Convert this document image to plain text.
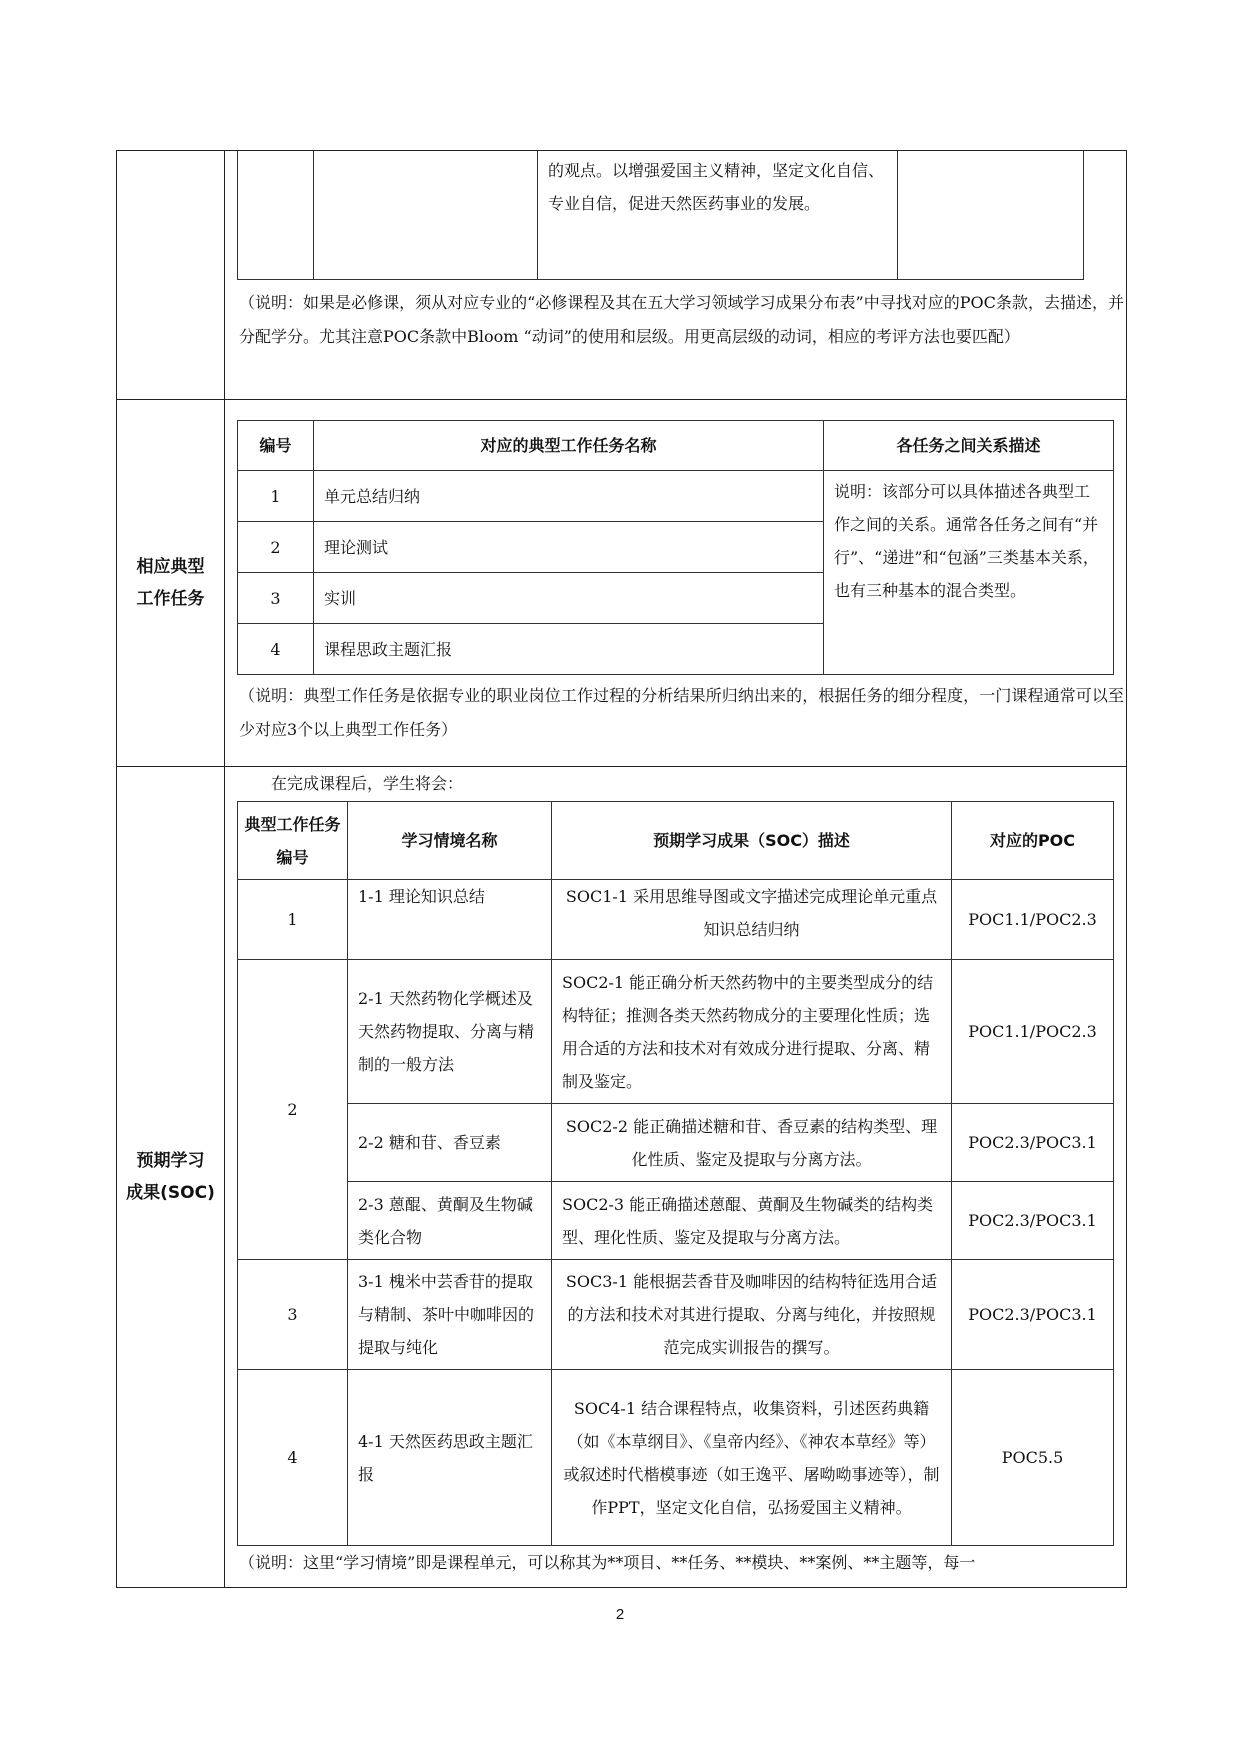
		的观点。以增强爱国主义精神，坚定文化自信、专业自信，促进天然医药事业的发展。	
（说明：如果是必修课，须从对应专业的“必修课程及其在五大学习领域学习成果分布表”中寻找对应的POC条款，去描述，并分配学分。尤其注意POC条款中Bloom “动词”的使用和层级。用更高层级的动词，相应的考评方法也要匹配）

相应典型
工作任务

编号	对应的典型工作任务名称	各任务之间关系描述
1	单元总结归纳	说明：该部分可以具体描述各典型工作之间的关系。通常各任务之间有“并行”、“递进”和“包涵”三类基本关系，也有三种基本的混合类型。
2	理论测试
3	实训
4	课程思政主题汇报
（说明：典型工作任务是依据专业的职业岗位工作过程的分析结果所归纳出来的，根据任务的细分程度，一门课程通常可以至少对应3个以上典型工作任务）

预期学习
成果(SOC)

在完成课程后，学生将会：
典型工作任务编号	学习情境名称	预期学习成果（SOC）描述	对应的POC
1	1-1 理论知识总结	SOC1-1 采用思维导图或文字描述完成理论单元重点知识总结归纳	POC1.1/POC2.3
2	2-1 天然药物化学概述及天然药物提取、分离与精制的一般方法	SOC2-1 能正确分析天然药物中的主要类型成分的结构特征；推测各类天然药物成分的主要理化性质；选用合适的方法和技术对有效成分进行提取、分离、精制及鉴定。	POC1.1/POC2.3
2-2 糖和苷、香豆素	SOC2-2 能正确描述糖和苷、香豆素的结构类型、理化性质、鉴定及提取与分离方法。	POC2.3/POC3.1
2-3 蒽醌、黄酮及生物碱类化合物	SOC2-3 能正确描述蒽醌、黄酮及生物碱类的结构类型、理化性质、鉴定及提取与分离方法。	POC2.3/POC3.1
3	3-1 槐米中芸香苷的提取与精制、茶叶中咖啡因的提取与纯化	SOC3-1 能根据芸香苷及咖啡因的结构特征选用合适的方法和技术对其进行提取、分离与纯化，并按照规范完成实训报告的撰写。	POC2.3/POC3.1
4	4-1 天然医药思政主题汇报	SOC4-1 结合课程特点，收集资料，引述医药典籍（如《本草纲目》、《皇帝内经》、《神农本草经》等）或叙述时代楷模事迹（如王逸平、屠呦呦事迹等），制作PPT，坚定文化自信，弘扬爱国主义精神。	POC5.5
（说明：这里“学习情境”即是课程单元，可以称其为**项目、**任务、**模块、**案例、**主题等，每一
2
